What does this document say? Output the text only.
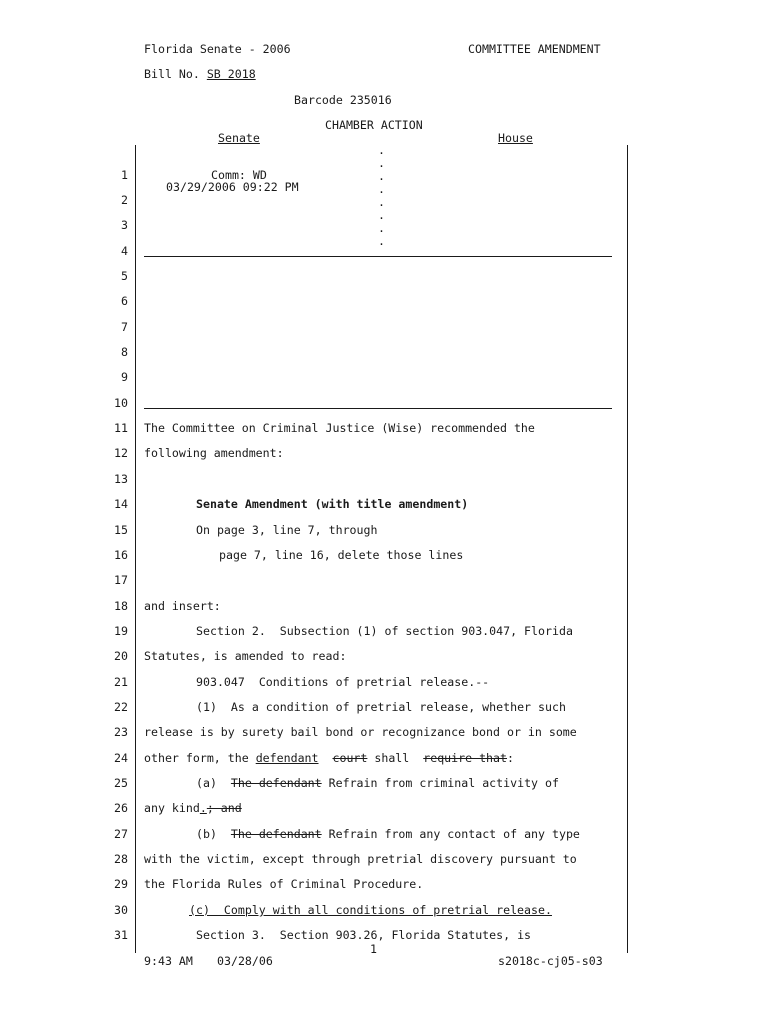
Florida Senate - 2006	COMMITTEE AMENDMENT
Bill No. SB 2018
Barcode 235016
CHAMBER ACTION
Senate	House
Comm: WD
03/29/2006 09:22 PM
.
.
.
.
.
.
.
.
1
2
3
4
5
6
7
8
9
10
11
12
13
14
15
16
17
18
19
20
21
22
23
24
25
26
27
28
29
30
31
The Committee on Criminal Justice (Wise) recommended the
following amendment:
Senate Amendment (with title amendment)
On page 3, line 7, through
page 7, line 16, delete those lines
and insert:
Section 2.  Subsection (1) of section 903.047, Florida
Statutes, is amended to read:
903.047  Conditions of pretrial release.--
(1)  As a condition of pretrial release, whether such
release is by surety bail bond or recognizance bond or in some
other form, the defendant court shall  require that:
(a)  The defendant Refrain from criminal activity of
any kind.; and
(b)  The defendant Refrain from any contact of any type
with the victim, except through pretrial discovery pursuant to
the Florida Rules of Criminal Procedure.
(c)  Comply with all conditions of pretrial release.
Section 3.  Section 903.26, Florida Statutes, is
1
9:43 AM 03/28/06	s2018c-cj05-s03
